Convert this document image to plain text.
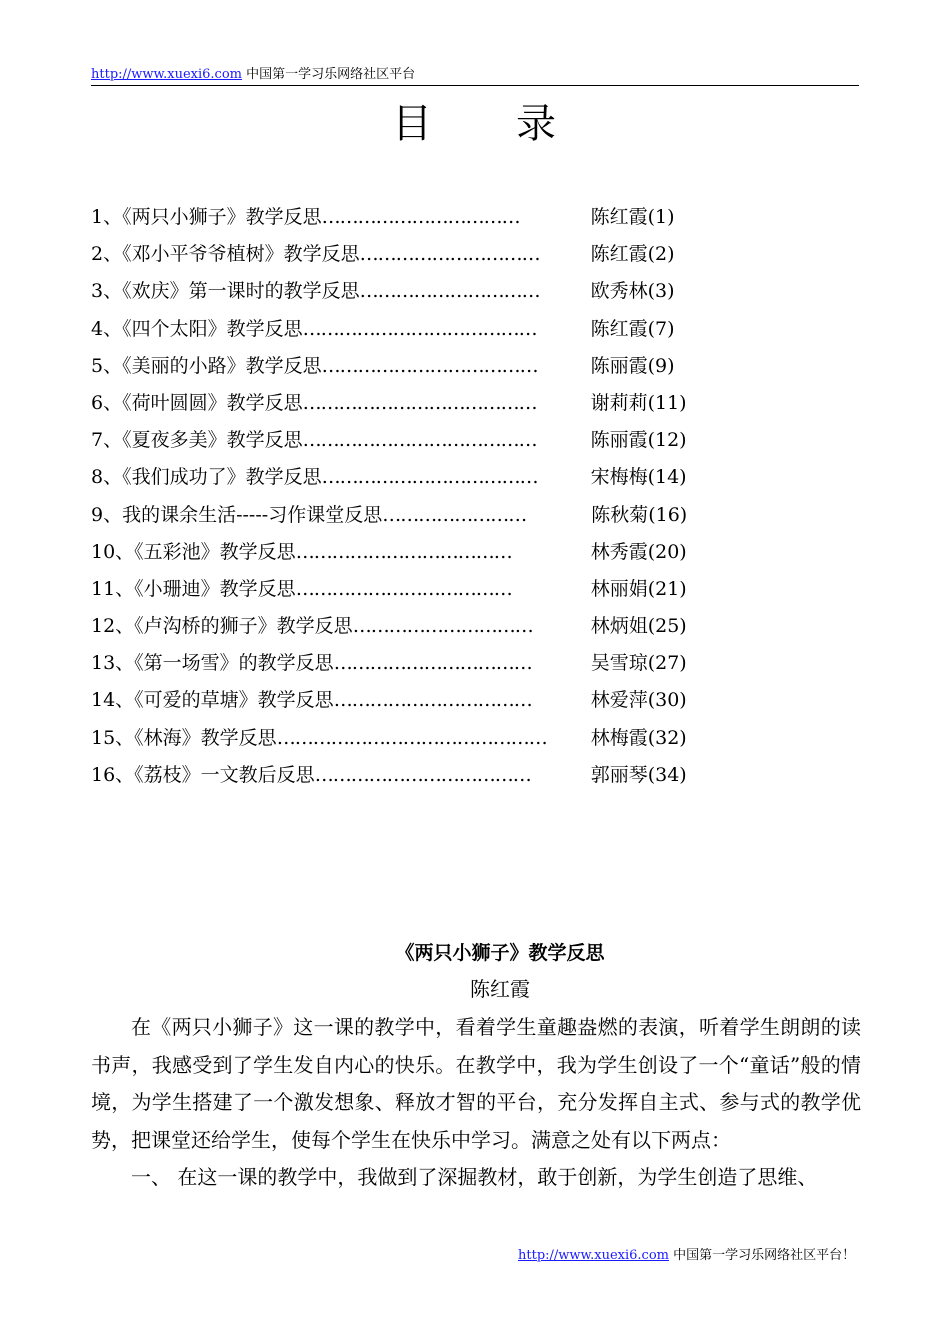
http://www.xuexi6.com 中国第一学习乐网络社区平台
目 录
1、《两只小狮子》教学反思 ……………………………	陈红霞(1)
2、《邓小平爷爷植树》教学反思 …………………………	陈红霞(2)
3、《欢庆》第一课时的教学反思 …………………………	欧秀林(3)
4、《四个太阳》教学反思 …………………………………	陈红霞(7)
5、《美丽的小路》教学反思 ………………………………	陈丽霞(9)
6、《荷叶圆圆》教学反思 …………………………………	谢莉莉(11)
7、《夏夜多美》教学反思 …………………………………	陈丽霞(12)
8、《我们成功了》教学反思 ………………………………	宋梅梅(14)
9、我的课余生活-----习作课堂反思 ……………………	陈秋菊(16)
10、《五彩池》教学反思 ………………………………	林秀霞(20)
11、《小珊迪》教学反思 ………………………………	林丽娟(21)
12、《卢沟桥的狮子》教学反思 …………………………	林炳姐(25)
13、《第一场雪》的教学反思 ……………………………	吴雪琼(27)
14、《可爱的草塘》教学反思 ……………………………	林爱萍(30)
15、《林海》教学反思 ………………………………………	林梅霞(32)
16、《荔枝》一文教后反思 ………………………………	郭丽琴(34)
《两只小狮子》教学反思
陈红霞

在《两只小狮子》这一课的教学中，看着学生童趣盎燃的表演，听着学生朗朗的读书声，我感受到了学生发自内心的快乐。在教学中，我为学生创设了一个“童话”般的情境，为学生搭建了一个激发想象、释放才智的平台，充分发挥自主式、参与式的教学优势，把课堂还给学生，使每个学生在快乐中学习。满意之处有以下两点：

一、 在这一课的教学中，我做到了深掘教材，敢于创新，为学生创造了思维、

http://www.xuexi6.com 中国第一学习乐网络社区平台！
